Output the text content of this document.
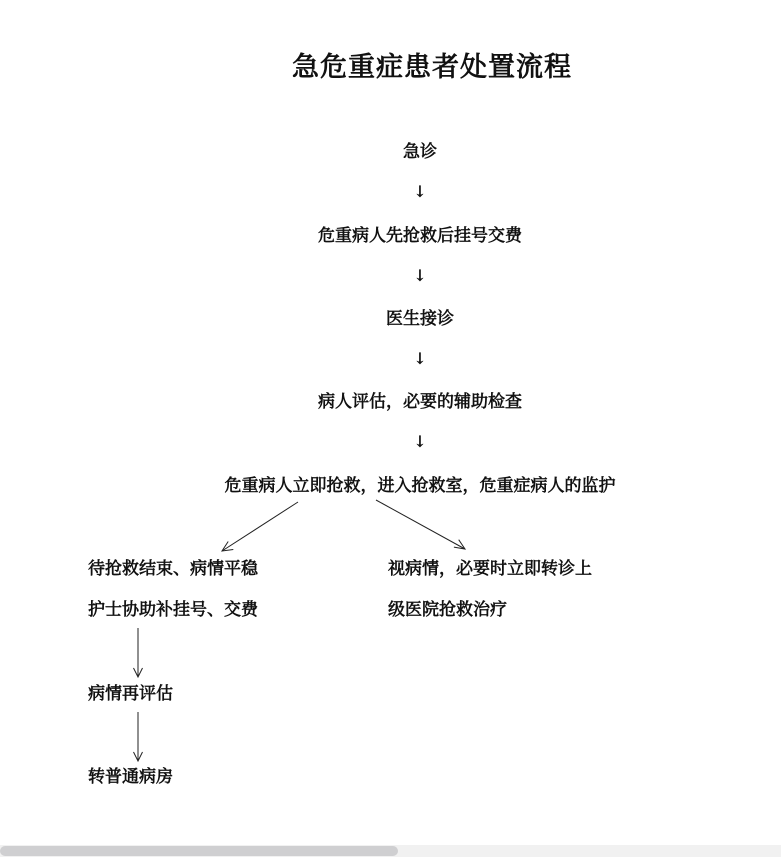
急危重症患者处置流程
急诊
↓
危重病人先抢救后挂号交费
↓
医生接诊
↓
病人评估，必要的辅助检查
↓
危重病人立即抢救，进入抢救室，危重症病人的监护
待抢救结束、病情平稳
护士协助补挂号、交费
病情再评估
转普通病房
视病情，必要时立即转诊上
级医院抢救治疗
